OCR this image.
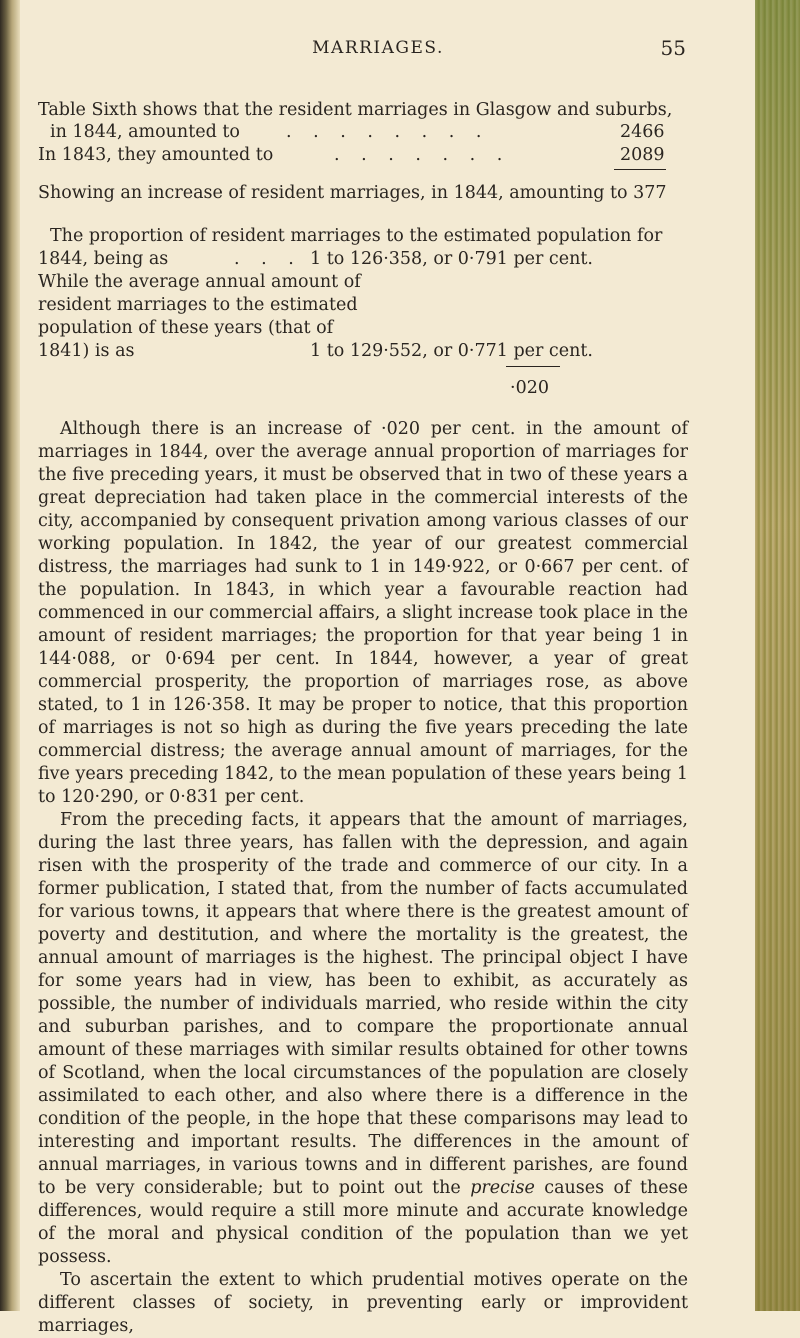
MARRIAGES.	55
Table Sixth shows that the resident marriages in Glasgow and suburbs,
in 1844, amounted to	. . . . . . . .	2466
In 1843, they amounted to	. . . . . . .	2089
Showing an increase of resident marriages, in 1844, amounting to 377
The proportion of resident marriages to the estimated population for
1844, being as	. . . 1 to 126·358, or 0·791 per cent.
While the average annual amount of
resident marriages to the estimated
population of these years (that of
1841) is as	1 to 129·552, or 0·771 per cent.
·020

Although there is an increase of ·020 per cent. in the amount of marriages in 1844, over the average annual proportion of marriages for the five preceding years, it must be observed that in two of these years a great depreciation had taken place in the commercial interests of the city, accompanied by consequent privation among various classes of our working population. In 1842, the year of our greatest commercial distress, the marriages had sunk to 1 in 149·922, or 0·667 per cent. of the population. In 1843, in which year a favourable reaction had commenced in our commercial affairs, a slight increase took place in the amount of resident marriages; the proportion for that year being 1 in 144·088, or 0·694 per cent. In 1844, however, a year of great commercial prosperity, the proportion of marriages rose, as above stated, to 1 in 126·358. It may be proper to notice, that this proportion of marriages is not so high as during the five years preceding the late commercial distress; the average annual amount of marriages, for the five years preceding 1842, to the mean population of these years being 1 to 120·290, or 0·831 per cent.

From the preceding facts, it appears that the amount of marriages, during the last three years, has fallen with the depression, and again risen with the prosperity of the trade and commerce of our city. In a former publication, I stated that, from the number of facts accumulated for various towns, it appears that where there is the greatest amount of poverty and destitution, and where the mortality is the greatest, the annual amount of marriages is the highest. The principal object I have for some years had in view, has been to exhibit, as accurately as possible, the number of individuals married, who reside within the city and suburban parishes, and to compare the proportionate annual amount of these marriages with similar results obtained for other towns of Scotland, when the local circumstances of the population are closely assimilated to each other, and also where there is a difference in the condition of the people, in the hope that these comparisons may lead to interesting and important results. The differences in the amount of annual marriages, in various towns and in different parishes, are found to be very considerable; but to point out the precise causes of these differences, would require a still more minute and accurate knowledge of the moral and physical condition of the population than we yet possess.

To ascertain the extent to which prudential motives operate on the different classes of society, in preventing early or improvident marriages,
